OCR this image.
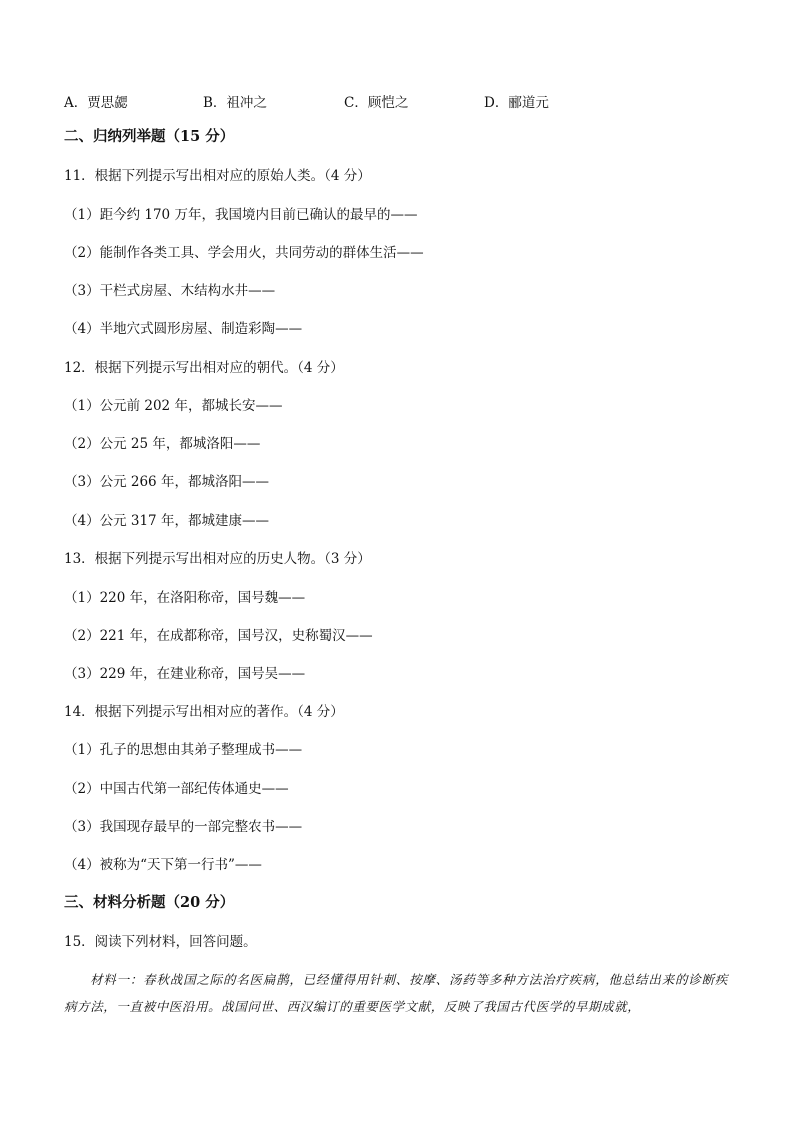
A．贾思勰	B．祖冲之	C．顾恺之	D．郦道元
二、归纳列举题（15 分）
11．根据下列提示写出相对应的原始人类。（4 分）
（1）距今约 170 万年，我国境内目前已确认的最早的——
（2）能制作各类工具、学会用火，共同劳动的群体生活——
（3）干栏式房屋、木结构水井——
（4）半地穴式圆形房屋、制造彩陶——
12．根据下列提示写出相对应的朝代。（4 分）
（1）公元前 202 年，都城长安——
（2）公元 25 年，都城洛阳——
（3）公元 266 年，都城洛阳——
（4）公元 317 年，都城建康——
13．根据下列提示写出相对应的历史人物。（3 分）
（1）220 年，在洛阳称帝，国号魏——
（2）221 年，在成都称帝，国号汉，史称蜀汉——
（3）229 年，在建业称帝，国号吴——
14．根据下列提示写出相对应的著作。（4 分）
（1）孔子的思想由其弟子整理成书——
（2）中国古代第一部纪传体通史——
（3）我国现存最早的一部完整农书——
（4）被称为“天下第一行书”——
三、材料分析题（20 分）
15．阅读下列材料，回答问题。
材料一：春秋战国之际的名医扁鹊，已经懂得用针刺、按摩、汤药等多种方法治疗疾病，他总结出来的诊断疾病方法，一直被中医沿用。战国问世、西汉编订的重要医学文献，反映了我国古代医学的早期成就，
